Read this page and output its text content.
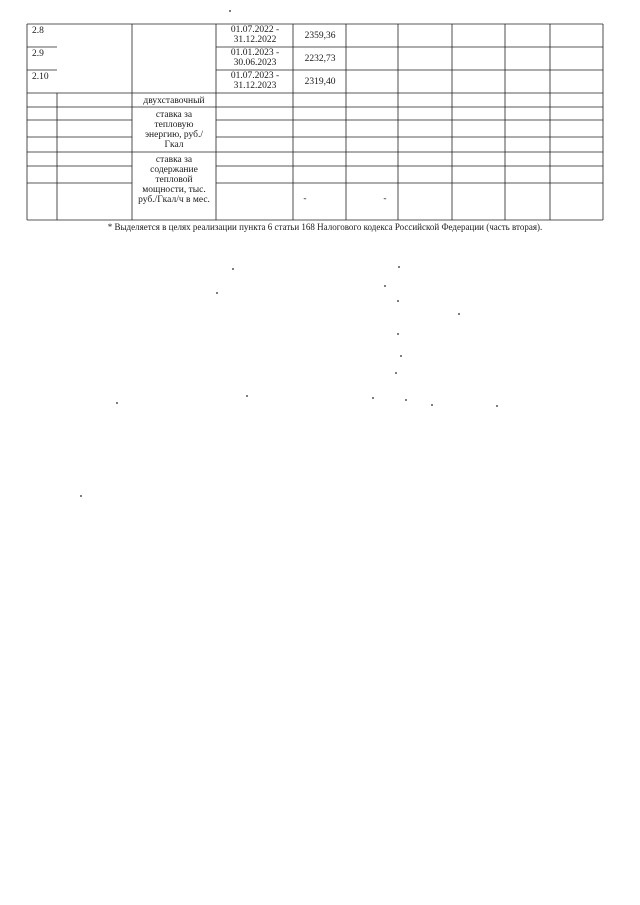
2.8
2.9
2.10
01.07.2022 - 31.12.2022
01.01.2023 - 30.06.2023
01.07.2023 - 31.12.2023
2359,36
2232,73
2319,40
двухставочный
ставка за тепловую энергию, руб./Гкал
ставка за содержание тепловой мощности, тыс. руб./Гкал/ч в мес.	-	-
* Выделяется в целях реализации пункта 6 статьи 168 Налогового кодекса Российской Федерации (часть вторая).
